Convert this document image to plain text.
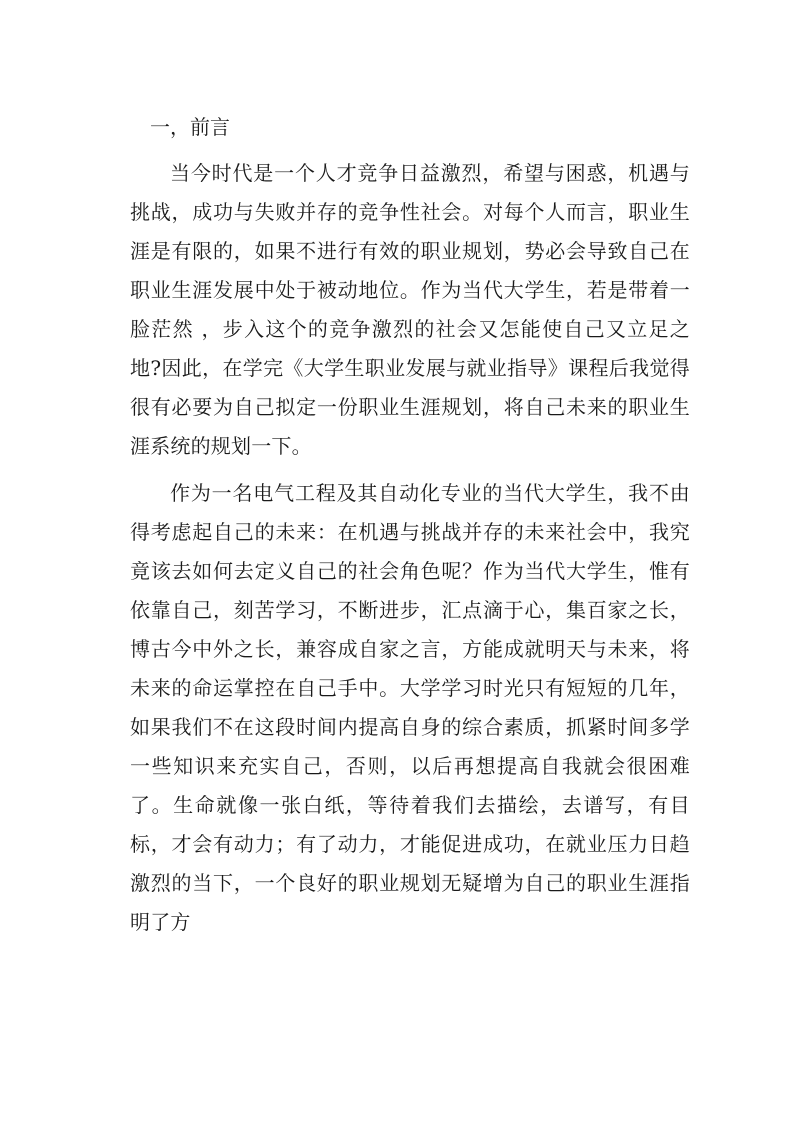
一，前言

当今时代是一个人才竞争日益激烈，希望与困惑，机遇与挑战，成功与失败并存的竞争性社会。对每个人而言，职业生涯是有限的，如果不进行有效的职业规划，势必会导致自己在职业生涯发展中处于被动地位。作为当代大学生，若是带着一脸茫然 ，步入这个的竞争激烈的社会又怎能使自己又立足之地?因此，在学完《大学生职业发展与就业指导》课程后我觉得很有必要为自己拟定一份职业生涯规划，将自己未来的职业生涯系统的规划一下。

作为一名电气工程及其自动化专业的当代大学生，我不由得考虑起自己的未来：在机遇与挑战并存的未来社会中，我究竟该去如何去定义自己的社会角色呢？作为当代大学生，惟有依靠自己，刻苦学习，不断进步，汇点滴于心，集百家之长，博古今中外之长，兼容成自家之言，方能成就明天与未来，将未来的命运掌控在自己手中。大学学习时光只有短短的几年，如果我们不在这段时间内提高自身的综合素质，抓紧时间多学一些知识来充实自己，否则，以后再想提高自我就会很困难了。生命就像一张白纸，等待着我们去描绘，去谱写，有目标，才会有动力；有了动力，才能促进成功，在就业压力日趋激烈的当下，一个良好的职业规划无疑增为自己的职业生涯指明了方
